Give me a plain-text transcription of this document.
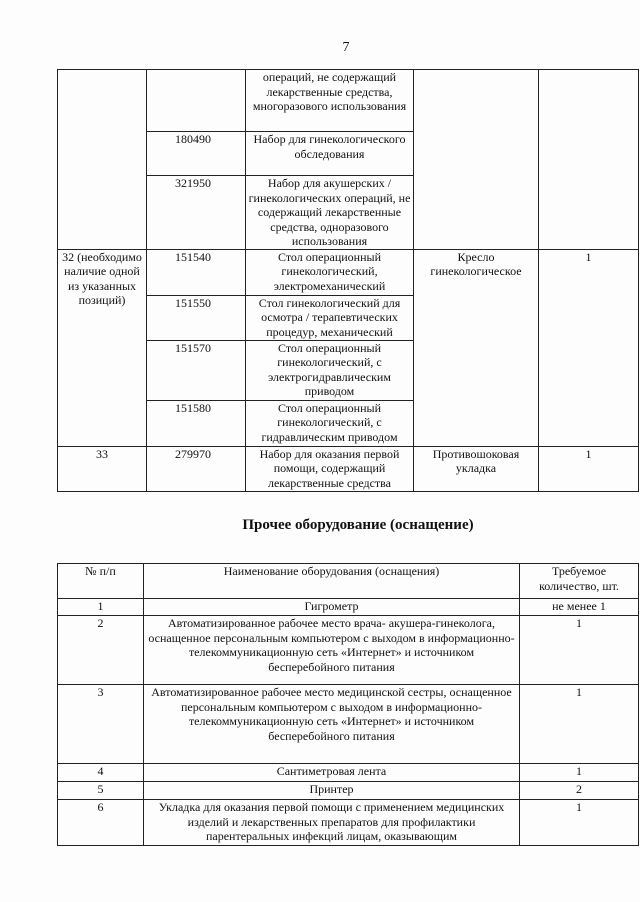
7
		операций, не содержащий лекарственные средства, многоразового использования		
	180490	Набор для гинекологического обследования		
	321950	Набор для акушерских /гинекологических операций, не содержащий лекарственные средства, одноразового использования		
32 (необходимо наличие одной из указанных позиций)	151540	Стол операционный гинекологический, электромеханический	Кресло гинекологическое	1
	151550	Стол гинекологический для осмотра / терапевтических процедур, механический		
	151570	Стол операционный гинекологический, с электрогидравлическим приводом		
	151580	Стол операционный гинекологический, с гидравлическим приводом		
33	279970	Набор для оказания первой помощи, содержащий лекарственные средства	Противошоковая укладка	1
Прочее оборудование (оснащение)
№ п/п	Наименование оборудования (оснащения)	Требуемое количество, шт.
1	Гигрометр	не менее 1
2	Автоматизированное рабочее место врача- акушера-гинеколога, оснащенное персональным компьютером с выходом в информационно-телекоммуникационную сеть «Интернет» и источником бесперебойного питания	1
3	Автоматизированное рабочее место медицинской сестры, оснащенное персональным компьютером с выходом в информационно-телекоммуникационную сеть «Интернет» и источником бесперебойного питания	1
4	Сантиметровая лента	1
5	Принтер	2
6	Укладка для оказания первой помощи с применением медицинских изделий и лекарственных препаратов для профилактики парентеральных инфекций лицам, оказывающим	1
